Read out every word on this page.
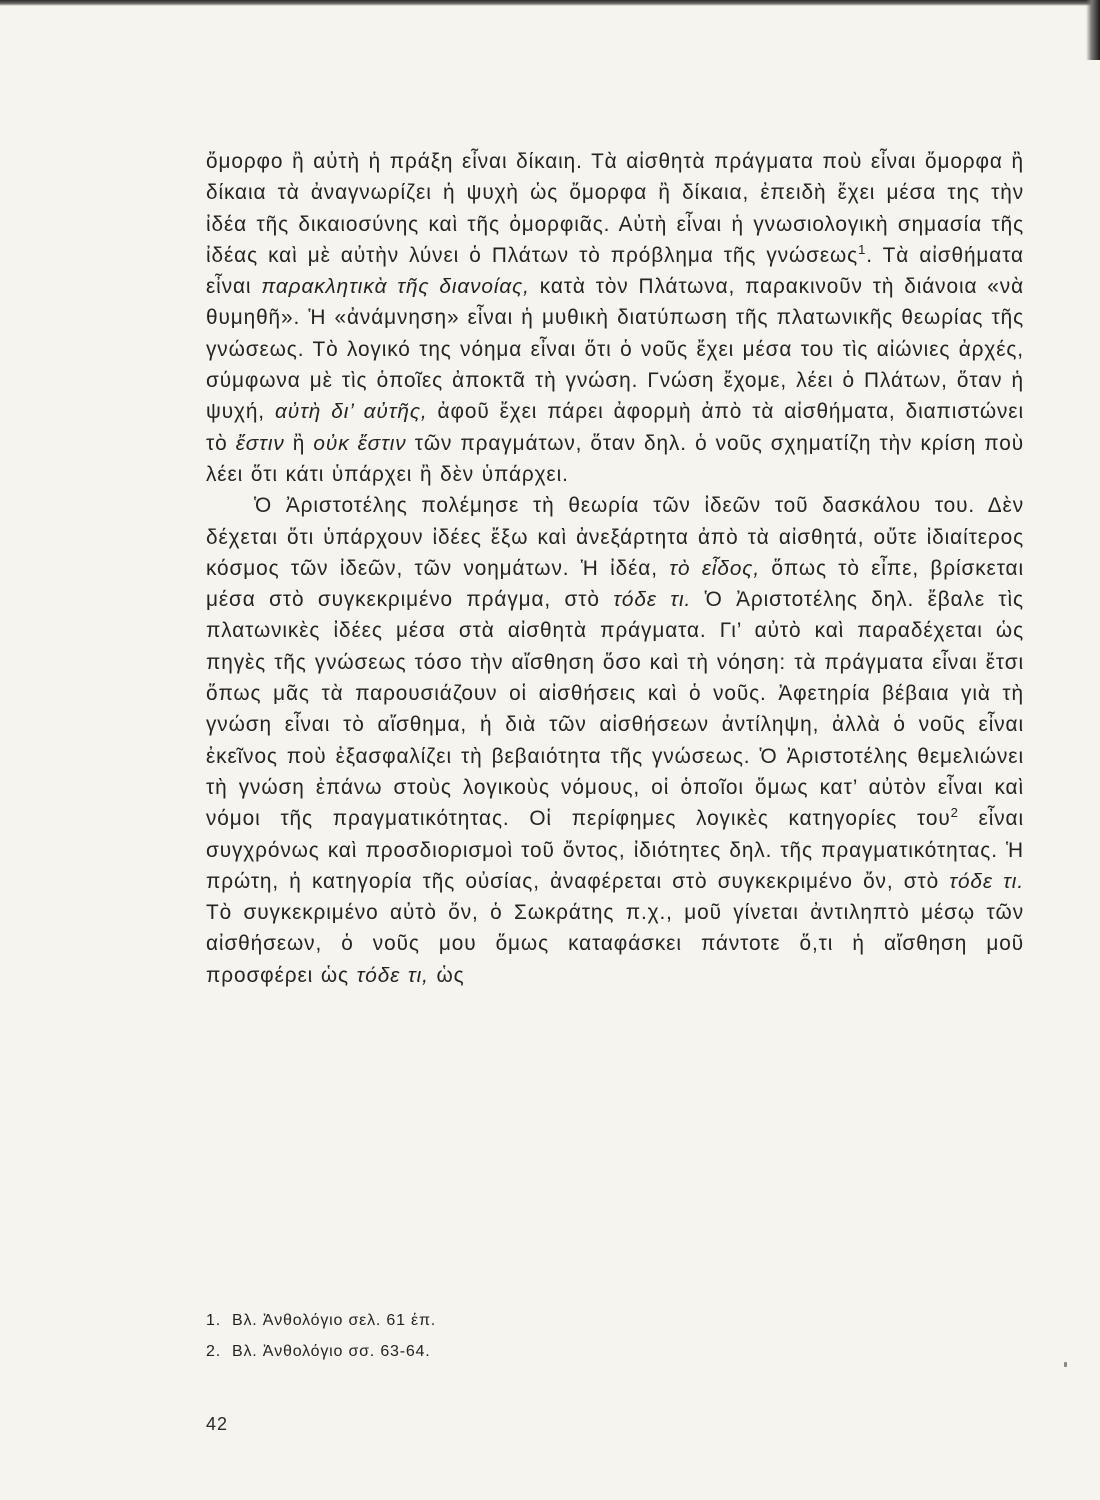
ὄμορφο ἢ αὐτὴ ἡ πράξη εἶναι δίκαιη. Τὰ αἰσθητὰ πράγματα ποὺ εἶναι ὄμορφα ἢ δίκαια τὰ ἀναγνωρίζει ἡ ψυχὴ ὡς ὄμορφα ἢ δίκαια, ἐπειδὴ ἔχει μέσα της τὴν ἰδέα τῆς δικαιοσύνης καὶ τῆς ὀμορφιᾶς. Αὐτὴ εἶναι ἡ γνωσιολογικὴ σημασία τῆς ἰδέας καὶ μὲ αὐτὴν λύνει ὁ Πλάτων τὸ πρόβλημα τῆς γνώσεως$^1$. Τὰ αἰσθήματα εἶναι παρακλητικὰ τῆς διανοίας, κατὰ τὸν Πλάτωνα, παρακινοῦν τὴ διάνοια «νὰ θυμηθῆ». Ἡ «ἀνάμνηση» εἶναι ἡ μυθικὴ διατύπωση τῆς πλατωνικῆς θεωρίας τῆς γνώσεως. Τὸ λογικό της νόημα εἶναι ὅτι ὁ νοῦς ἔχει μέσα του τὶς αἰώνιες ἀρχές, σύμφωνα μὲ τὶς ὁποῖες ἀποκτᾶ τὴ γνώση. Γνώση ἔχομε, λέει ὁ Πλάτων, ὅταν ἡ ψυχή, αὐτὴ δι’ αὐτῆς, ἀφοῦ ἔχει πάρει ἀφορμὴ ἀπὸ τὰ αἰσθήματα, διαπιστώνει τὸ ἔστιν ἢ οὐκ ἔστιν τῶν πραγμάτων, ὅταν δηλ. ὁ νοῦς σχηματίζη τὴν κρίση ποὺ λέει ὅτι κάτι ὑπάρχει ἢ δὲν ὑπάρχει.

Ὁ Ἀριστοτέλης πολέμησε τὴ θεωρία τῶν ἰδεῶν τοῦ δασκάλου του. Δὲν δέχεται ὅτι ὑπάρχουν ἰδέες ἔξω καὶ ἀνεξάρτητα ἀπὸ τὰ αἰσθητά, οὔτε ἰδιαίτερος κόσμος τῶν ἰδεῶν, τῶν νοημάτων. Ἡ ἰδέα, τὸ εἶδος, ὅπως τὸ εἶπε, βρίσκεται μέσα στὸ συγκεκριμένο πράγμα, στὸ τόδε τι. Ὁ Ἀριστοτέλης δηλ. ἔβαλε τὶς πλατωνικὲς ἰδέες μέσα στὰ αἰσθητὰ πράγματα. Γι’ αὐτὸ καὶ παραδέχεται ὡς πηγὲς τῆς γνώσεως τόσο τὴν αἴσθηση ὅσο καὶ τὴ νόηση: τὰ πράγματα εἶναι ἔτσι ὅπως μᾶς τὰ παρουσιάζουν οἱ αἰσθήσεις καὶ ὁ νοῦς. Ἀφετηρία βέβαια γιὰ τὴ γνώση εἶναι τὸ αἴσθημα, ἡ διὰ τῶν αἰσθήσεων ἀντίληψη, ἀλλὰ ὁ νοῦς εἶναι ἐκεῖνος ποὺ ἐξασφαλίζει τὴ βεβαιότητα τῆς γνώσεως. Ὁ Ἀριστοτέλης θεμελιώνει τὴ γνώση ἐπάνω στοὺς λογικοὺς νόμους, οἱ ὁποῖοι ὅμως κατ’ αὐτὸν εἶναι καὶ νόμοι τῆς πραγματικότητας. Οἱ περίφημες λογικὲς κατηγορίες του$^2$ εἶναι συγχρόνως καὶ προσδιορισμοὶ τοῦ ὄντος, ἰδιότητες δηλ. τῆς πραγματικότητας. Ἡ πρώτη, ἡ κατηγορία τῆς οὐσίας, ἀναφέρεται στὸ συγκεκριμένο ὄν, στὸ τόδε τι. Τὸ συγκεκριμένο αὐτὸ ὄν, ὁ Σωκράτης π.χ., μοῦ γίνεται ἀντιληπτὸ μέσῳ τῶν αἰσθήσεων, ὁ νοῦς μου ὅμως καταφάσκει πάντοτε ὅ,τι ἡ αἴσθηση μοῦ προσφέρει ὡς τόδε τι, ὡς

1. Βλ. Ἀνθολόγιο σελ. 61 ἑπ.
2. Βλ. Ἀνθολόγιο σσ. 63-64.
42
